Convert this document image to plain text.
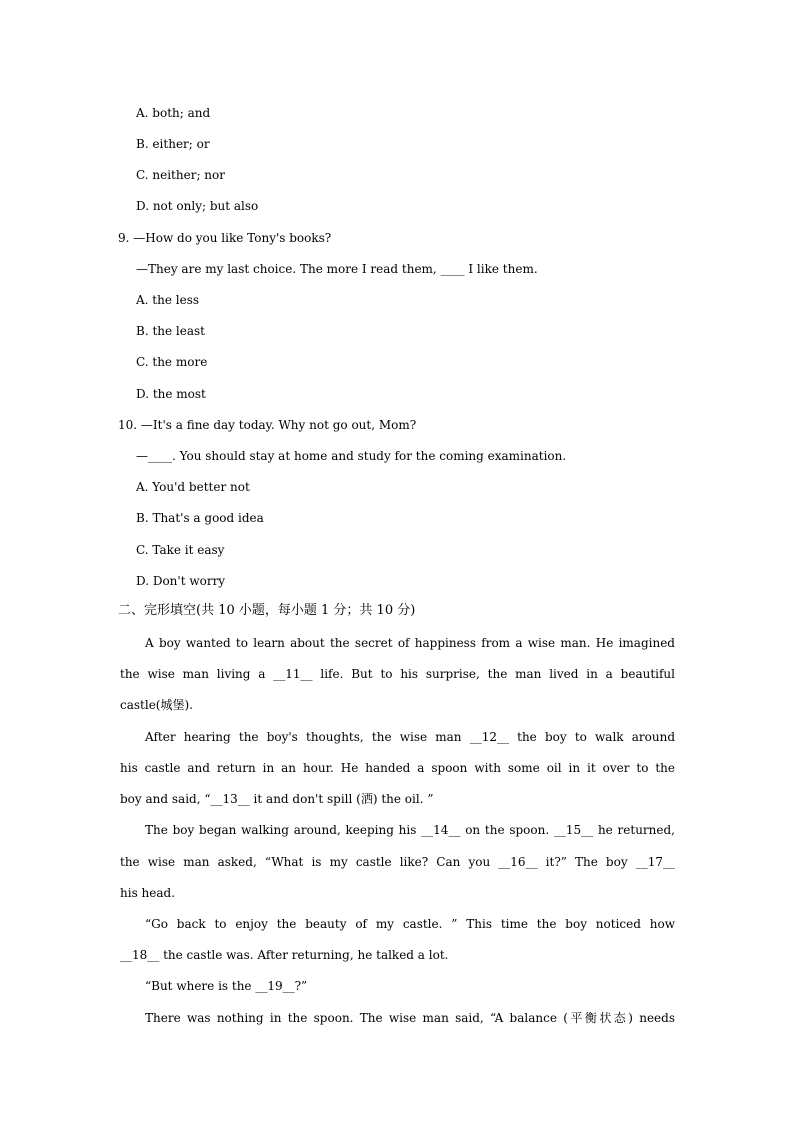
A. both; and
B. either; or
C. neither; nor
D. not only; but also
9. —How do you like Tony's books?
—They are my last choice. The more I read them, ____ I like them.
A. the less
B. the least
C. the more
D. the most
10. —It's a fine day today. Why not go out, Mom?
—____. You should stay at home and study for the coming examination.
A. You'd better not
B. That's a good idea
C. Take it easy
D. Don't worry
二、完形填空(共 10 小题，每小题 1 分；共 10 分)
A boy wanted to learn about the secret of happiness from a wise man. He imagined
the wise man living a __11__ life. But to his surprise, the man lived in a beautiful
castle(城堡).
After hearing the boy's thoughts, the wise man __12__ the boy to walk around
his castle and return in an hour. He handed a spoon with some oil in it over to the
boy and said, “__13__ it and don't spill (洒) the oil. ”
The boy began walking around, keeping his __14__ on the spoon. __15__ he returned,
the wise man asked, “What is my castle like? Can you __16__ it?” The boy __17__
his head.
“Go back to enjoy the beauty of my castle. ” This time the boy noticed how
__18__ the castle was. After returning, he talked a lot.
“But where is the __19__?”
There was nothing in the spoon. The wise man said, “A balance (平衡状态) needs
